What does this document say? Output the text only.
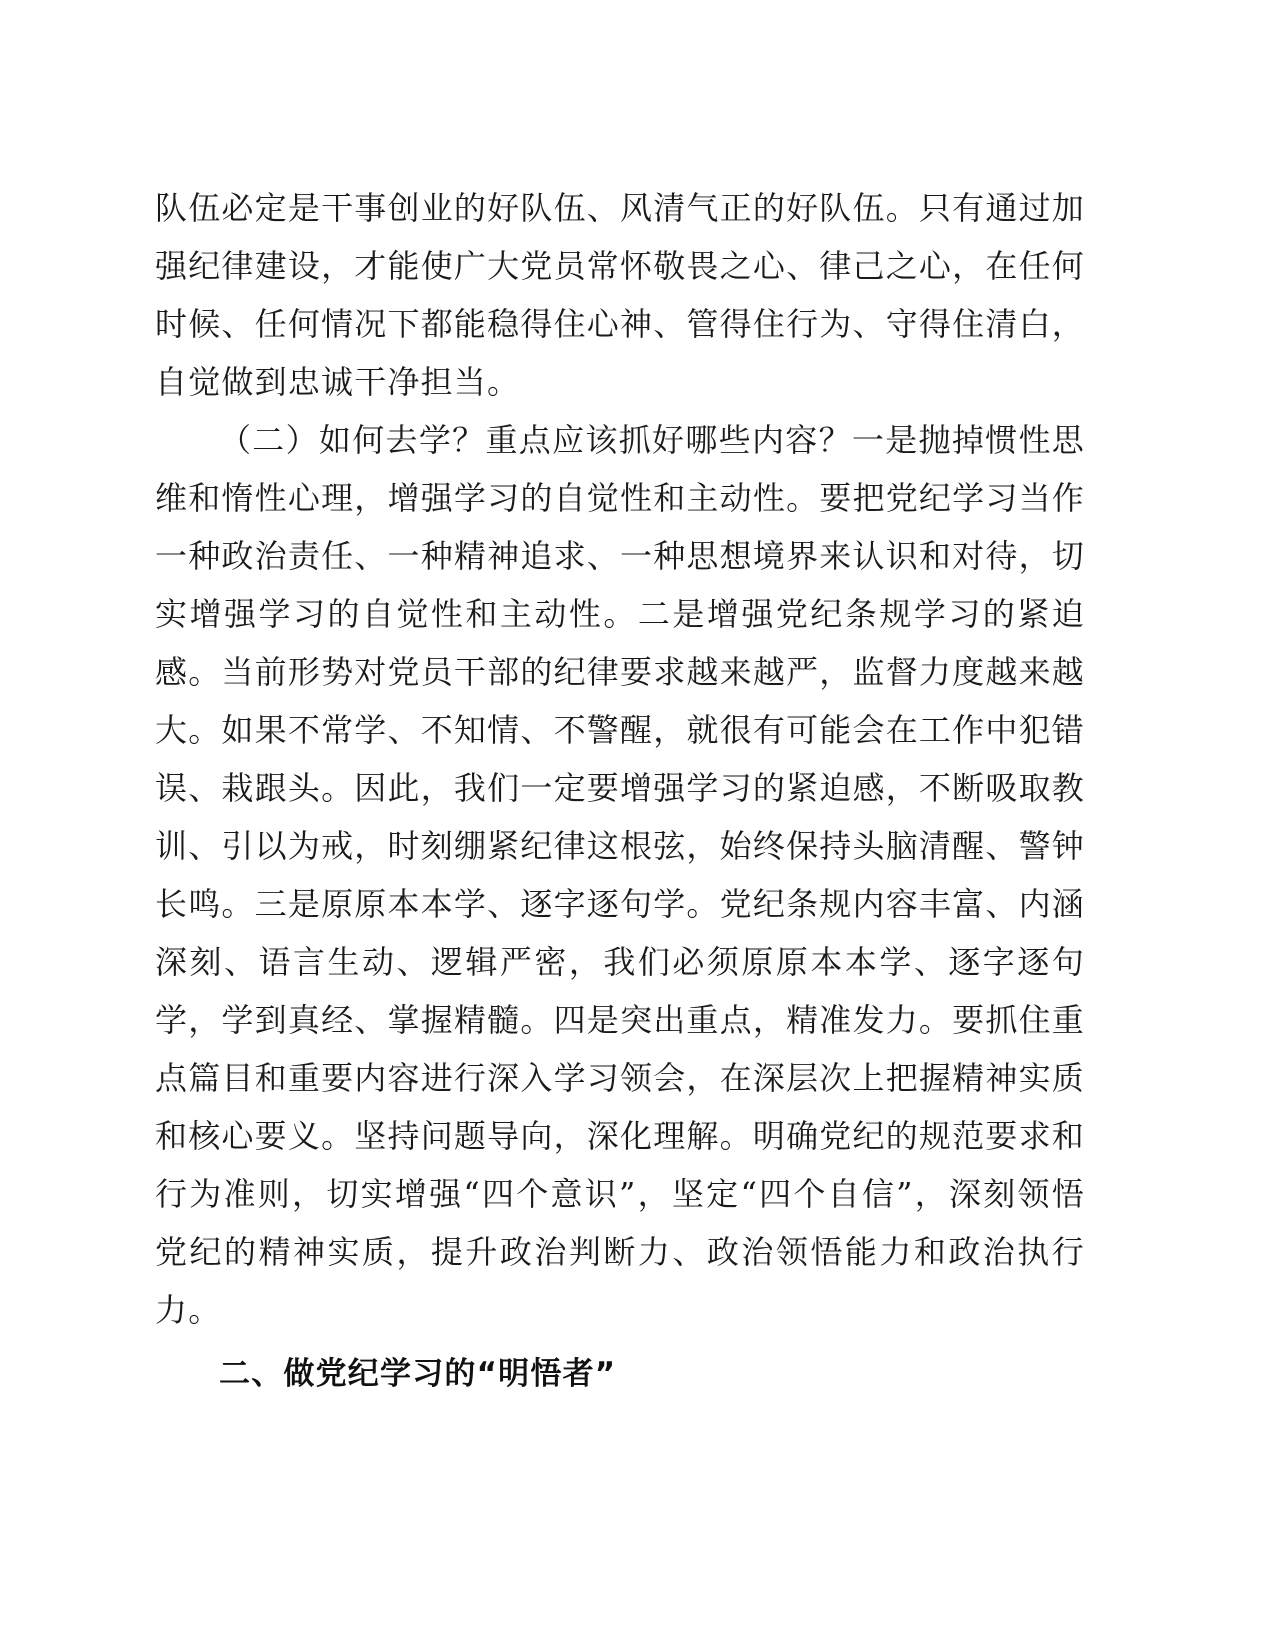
队伍必定是干事创业的好队伍、风清气正的好队伍。只有通过加强纪律建设，才能使广大党员常怀敬畏之心、律己之心，在任何时候、任何情况下都能稳得住心神、管得住行为、守得住清白，自觉做到忠诚干净担当。

（二）如何去学？重点应该抓好哪些内容？一是抛掉惯性思维和惰性心理，增强学习的自觉性和主动性。要把党纪学习当作一种政治责任、一种精神追求、一种思想境界来认识和对待，切实增强学习的自觉性和主动性。二是增强党纪条规学习的紧迫感。当前形势对党员干部的纪律要求越来越严，监督力度越来越大。如果不常学、不知情、不警醒，就很有可能会在工作中犯错误、栽跟头。因此，我们一定要增强学习的紧迫感，不断吸取教训、引以为戒，时刻绷紧纪律这根弦，始终保持头脑清醒、警钟长鸣。三是原原本本学、逐字逐句学。党纪条规内容丰富、内涵深刻、语言生动、逻辑严密，我们必须原原本本学、逐字逐句学，学到真经、掌握精髓。四是突出重点，精准发力。要抓住重点篇目和重要内容进行深入学习领会，在深层次上把握精神实质和核心要义。坚持问题导向，深化理解。明确党纪的规范要求和行为准则，切实增强“四个意识”，坚定“四个自信”，深刻领悟党纪的精神实质，提升政治判断力、政治领悟能力和政治执行力。

二、做党纪学习的“明悟者”
